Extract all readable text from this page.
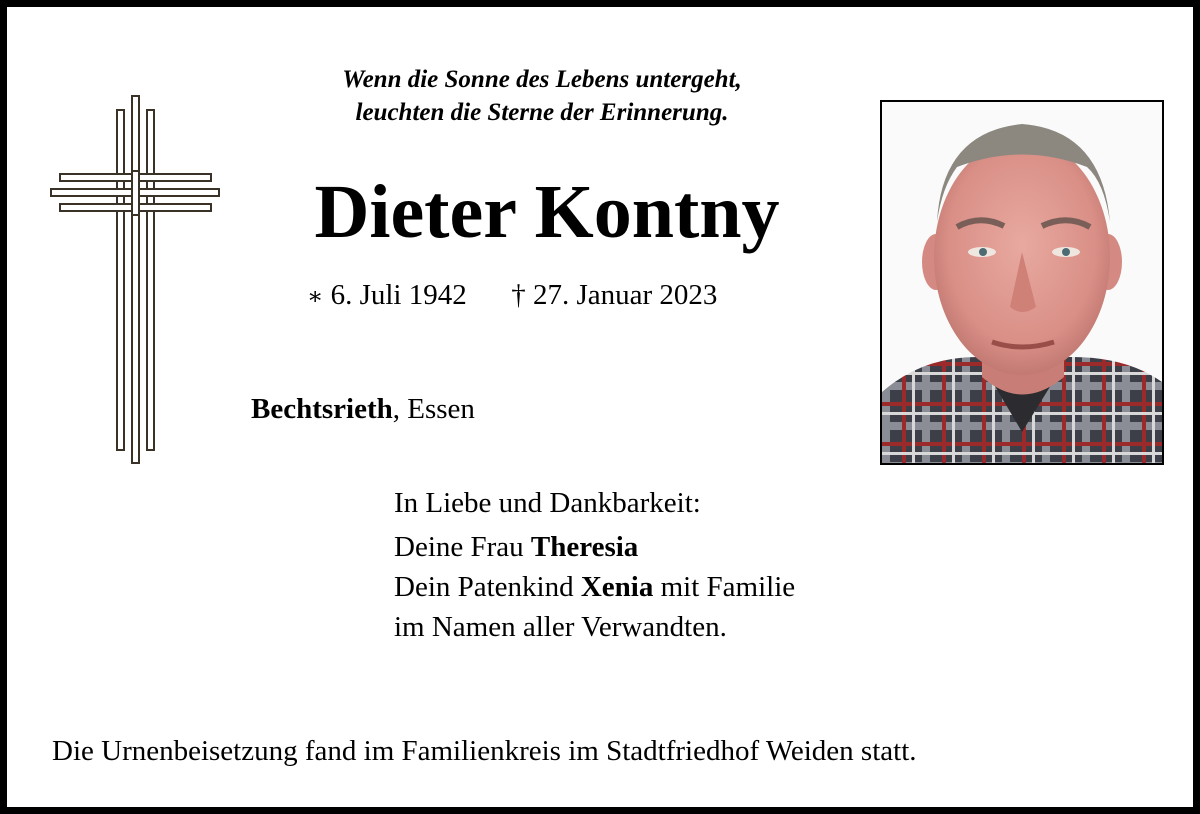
Wenn die Sonne des Lebens untergeht,
leuchten die Sterne der Erinnerung.
Dieter Kontny
∗ 6. Juli 1942 † 27. Januar 2023
Bechtsrieth, Essen
In Liebe und Dankbarkeit:
Deine Frau Theresia
Dein Patenkind Xenia mit Familie
im Namen aller Verwandten.
Die Urnenbeisetzung fand im Familienkreis im Stadtfriedhof Weiden statt.
